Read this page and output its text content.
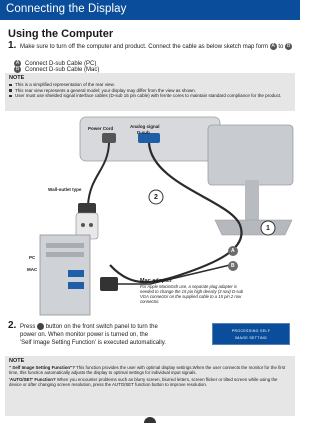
Connecting the Display
Using the Computer
1. Make sure to turn off the computer and product. Connect the cable as below sketch map form A to B
A Connect D-sub Cable (PC)
B Connect D-sub Cable (Mac)
NOTE
This is a simplified representation of the rear view.
This rear view represents a general model; your display may differ from the view as shown.
User must use shielded signal interface cables (D-sub 15 pin cable) with ferrite cores to maintain standard compliance for the product.
Power Cord	Analog signal
D-sub
Wall-outlet type
PC
MAC
A
B
2
1
Mac adapter
For Apple Macintosh use, a separate plug adapter is needed to change the 15 pin high density (3 row) D-sub VGA connector on the supplied cable to a 15 pin 2 row connector.
2. Press button on the front switch panel to turn the
power on. When monitor power is turned on, the
'Self Image Setting Function' is executed automatically.
PROCESSING SELF
IMAGE SETTING
NOTE
" Self Image Setting Function"? This function provides the user with optimal display settings.When the user connects the monitor for the first time, this function automatically adjusts the display to optimal settings for individual input signals.
'AUTO/SET' Function? When you encounter problems such as blurry screen, blurred letters, screen flicker or tilted screen while using the device or after changing screen resolution, press the AUTO/SET function button to improve resolution.
